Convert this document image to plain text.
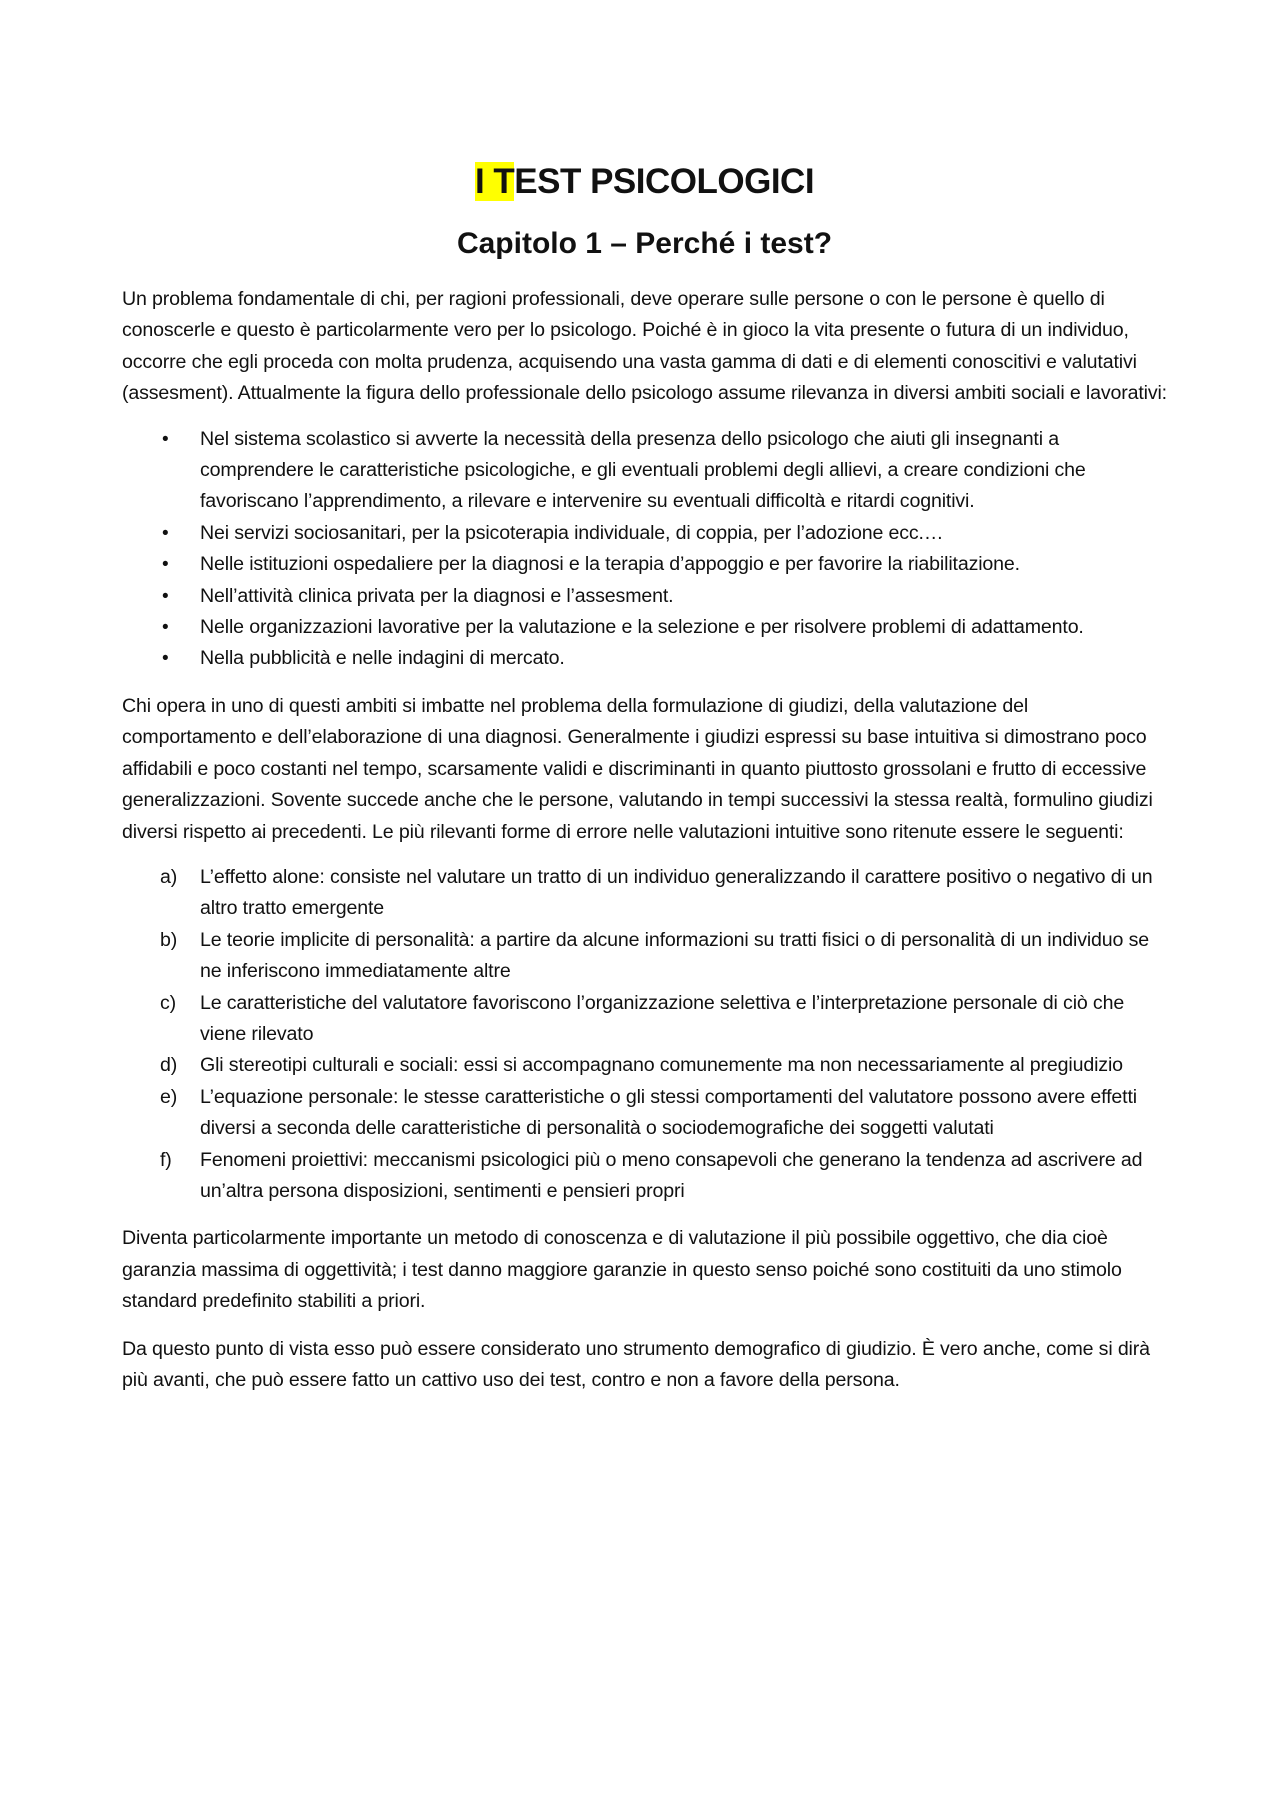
I TEST PSICOLOGICI
Capitolo 1 – Perché i test?

Un problema fondamentale di chi, per ragioni professionali, deve operare sulle persone o con le persone è quello di conoscerle e questo è particolarmente vero per lo psicologo. Poiché è in gioco la vita presente o futura di un individuo, occorre che egli proceda con molta prudenza, acquisendo una vasta gamma di dati e di elementi conoscitivi e valutativi (assesment). Attualmente la figura dello professionale dello psicologo assume rilevanza in diversi ambiti sociali e lavorativi:

• Nel sistema scolastico si avverte la necessità della presenza dello psicologo che aiuti gli insegnanti a comprendere le caratteristiche psicologiche, e gli eventuali problemi degli allievi, a creare condizioni che favoriscano l’apprendimento, a rilevare e intervenire su eventuali difficoltà e ritardi cognitivi.
• Nei servizi sociosanitari, per la psicoterapia individuale, di coppia, per l’adozione ecc.…
• Nelle istituzioni ospedaliere per la diagnosi e la terapia d’appoggio e per favorire la riabilitazione.
• Nell’attività clinica privata per la diagnosi e l’assesment.
• Nelle organizzazioni lavorative per la valutazione e la selezione e per risolvere problemi di adattamento.
• Nella pubblicità e nelle indagini di mercato.

Chi opera in uno di questi ambiti si imbatte nel problema della formulazione di giudizi, della valutazione del comportamento e dell’elaborazione di una diagnosi. Generalmente i giudizi espressi su base intuitiva si dimostrano poco affidabili e poco costanti nel tempo, scarsamente validi e discriminanti in quanto piuttosto grossolani e frutto di eccessive generalizzazioni. Sovente succede anche che le persone, valutando in tempi successivi la stessa realtà, formulino giudizi diversi rispetto ai precedenti. Le più rilevanti forme di errore nelle valutazioni intuitive sono ritenute essere le seguenti:

a) L’effetto alone: consiste nel valutare un tratto di un individuo generalizzando il carattere positivo o negativo di un altro tratto emergente
b) Le teorie implicite di personalità: a partire da alcune informazioni su tratti fisici o di personalità di un individuo se ne inferiscono immediatamente altre
c) Le caratteristiche del valutatore favoriscono l’organizzazione selettiva e l’interpretazione personale di ciò che viene rilevato
d) Gli stereotipi culturali e sociali: essi si accompagnano comunemente ma non necessariamente al pregiudizio
e) L’equazione personale: le stesse caratteristiche o gli stessi comportamenti del valutatore possono avere effetti diversi a seconda delle caratteristiche di personalità o sociodemografiche dei soggetti valutati
f) Fenomeni proiettivi: meccanismi psicologici più o meno consapevoli che generano la tendenza ad ascrivere ad un’altra persona disposizioni, sentimenti e pensieri propri

Diventa particolarmente importante un metodo di conoscenza e di valutazione il più possibile oggettivo, che dia cioè garanzia massima di oggettività; i test danno maggiore garanzie in questo senso poiché sono costituiti da uno stimolo standard predefinito stabiliti a priori.

Da questo punto di vista esso può essere considerato uno strumento demografico di giudizio. È vero anche, come si dirà più avanti, che può essere fatto un cattivo uso dei test, contro e non a favore della persona.
